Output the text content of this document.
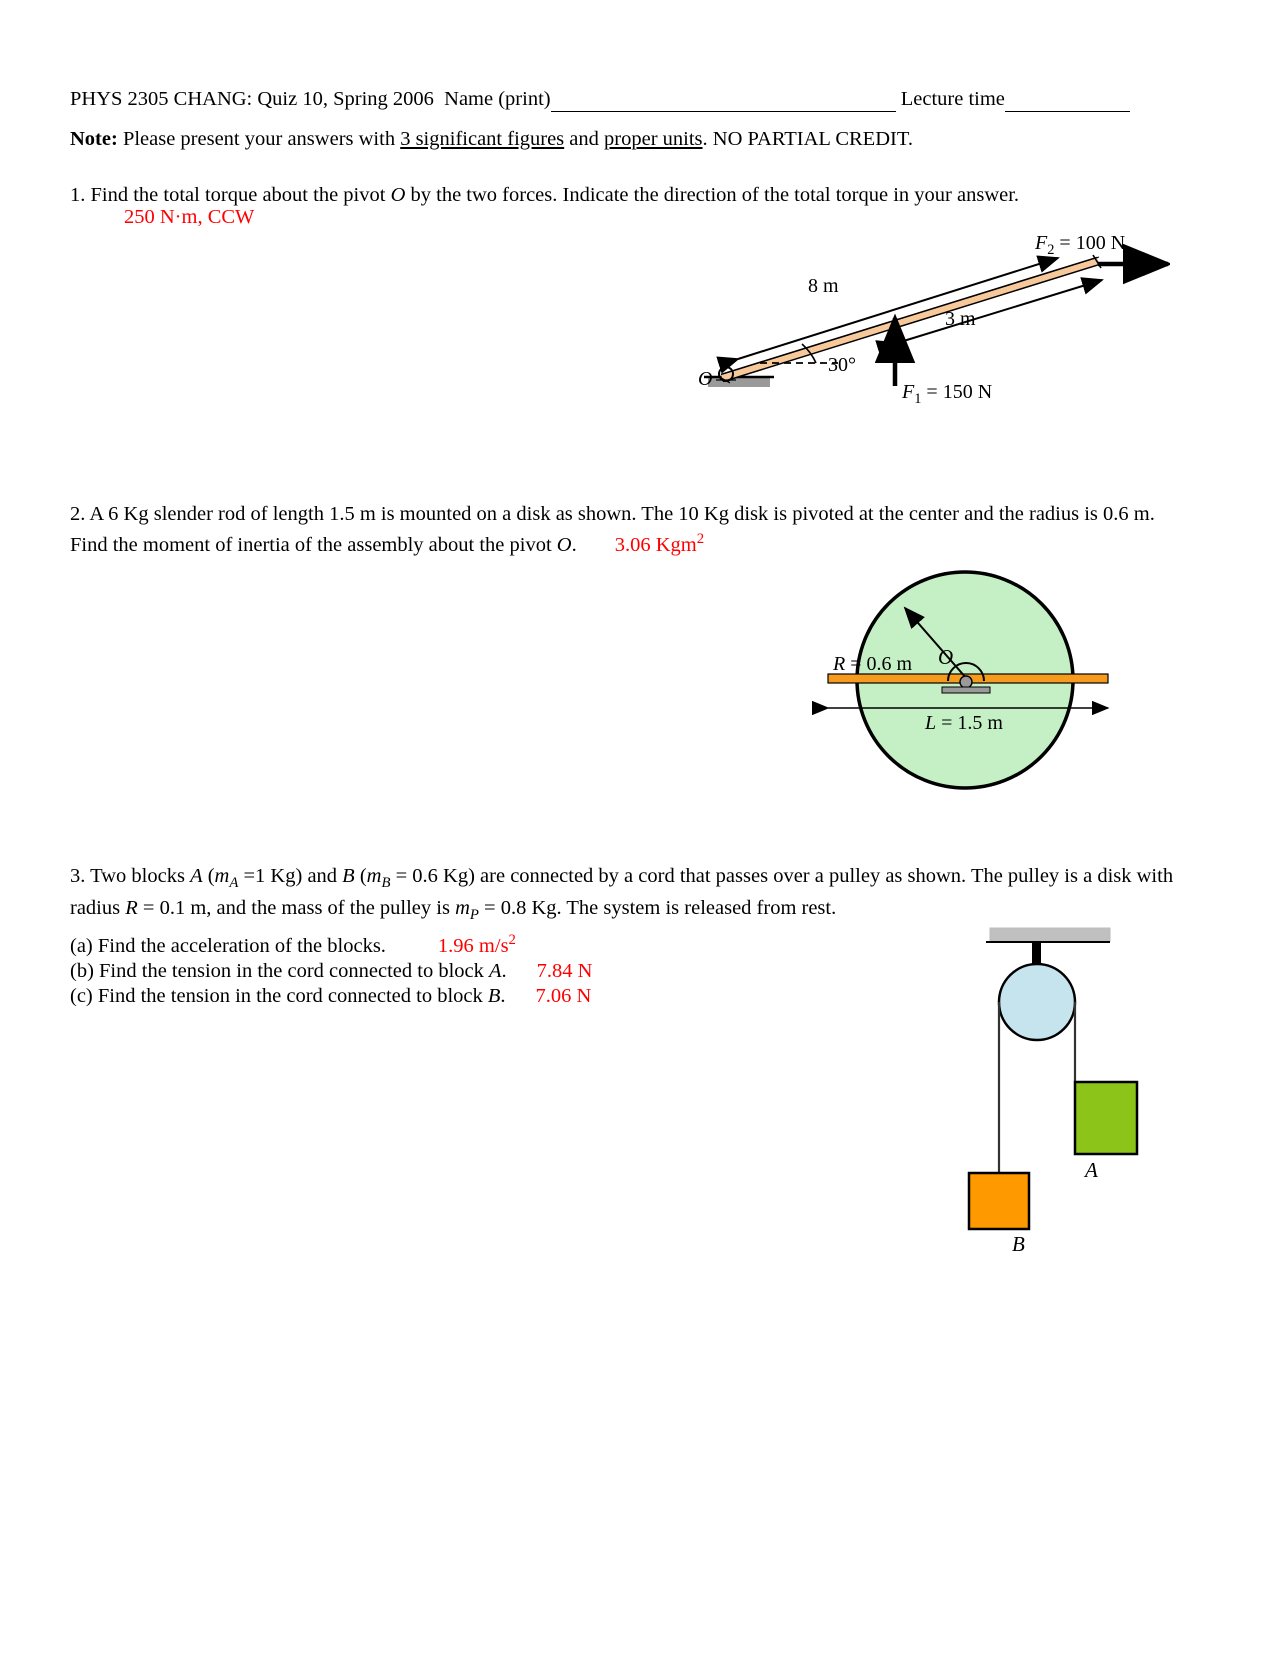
PHYS 2305 CHANG: Quiz 10, Spring 2006 Name (print)	Lecture time
Note: Please present your answers with 3 significant figures and proper units. NO PARTIAL CREDIT.
1. Find the total torque about the pivot O by the two forces. Indicate the direction of the total torque in your answer.
250 N·m, CCW
8 m
3 m
30°
O
$F_1 = 150$ N
$F_2 = 100$ N
2. A 6 Kg slender rod of length 1.5 m is mounted on a disk as shown. The 10 Kg disk is pivoted at the center and the radius is 0.6 m.
Find the moment of inertia of the assembly about the pivot O. 3.06 Kgm$^2$
R = 0.6 m O
L = 1.5 m
3. Two blocks A ($m_A =1$ Kg) and B ($m_B = 0.6$ Kg) are connected by a cord that passes over a pulley as shown. The pulley is a disk with
radius R = 0.1 m, and the mass of the pulley is $m_P = 0.8$ Kg. The system is released from rest.
(a) Find the acceleration of the blocks.	1.96 $m/s^2$
(b) Find the tension in the cord connected to block A. 7.84 N
(c) Find the tension in the cord connected to block B. 7.06 N
A
B
